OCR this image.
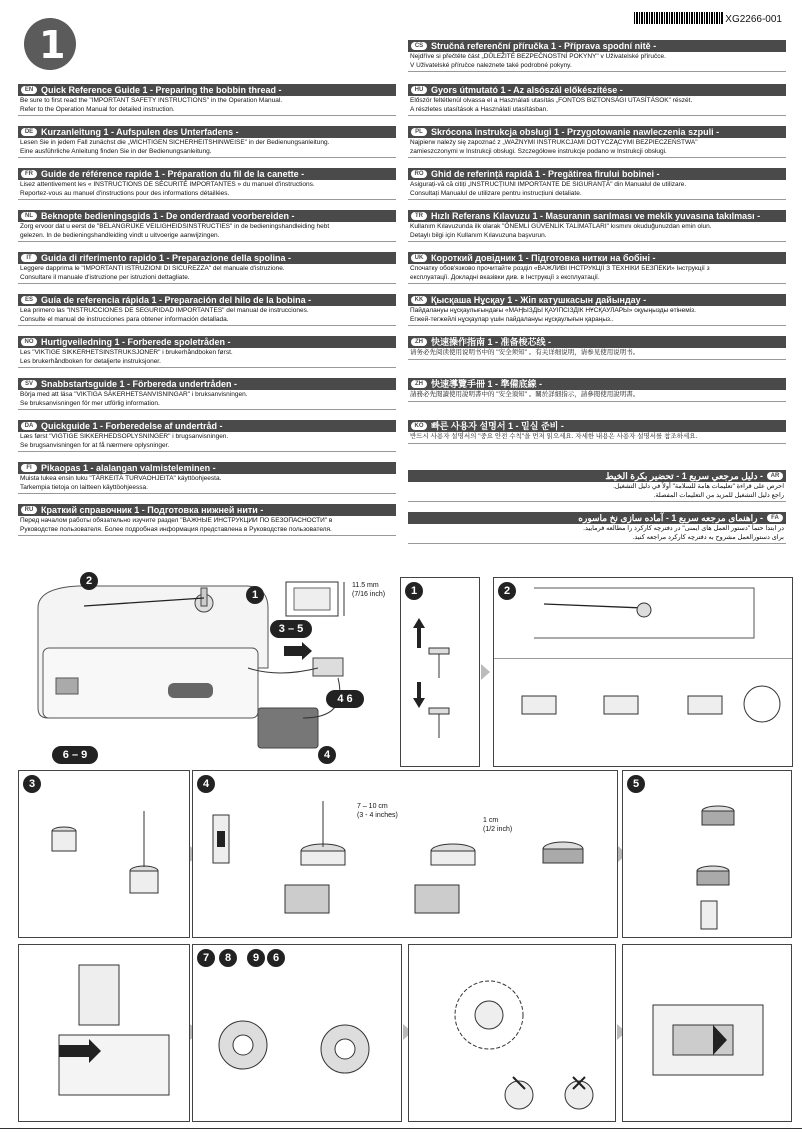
XG2266-001
1
EN Quick Reference Guide 1 - Preparing the bobbin thread -
Be sure to first read the "IMPORTANT SAFETY INSTRUCTIONS" in the Operation Manual.
Refer to the Operation Manual for detailed instruction.
DE Kurzanleitung 1 - Aufspulen des Unterfadens -
Lesen Sie in jedem Fall zunächst die „WICHTIGEN SICHERHEITSHINWEISE" in der Bedienungsanleitung.
Eine ausführliche Anleitung finden Sie in der Bedienungsanleitung.
FR Guide de référence rapide 1 - Préparation du fil de la canette -
Lisez attentivement les « INSTRUCTIONS DE SÉCURITÉ IMPORTANTES » du manuel d'instructions.
Reportez-vous au manuel d'instructions pour des informations détaillées.
NL Beknopte bedieningsgids 1 - De onderdraad voorbereiden -
Zorg ervoor dat u eerst de "BELANGRIJKE VEILIGHEIDSINSTRUCTIES" in de bedieningshandleiding hebt
gelezen. In de bedieningshandleiding vindt u uitvoerige aanwijzingen.
IT	Guida di riferimento rapido 1 - Preparazione della spolina -
Leggere dapprima le "IMPORTANTI ISTRUZIONI DI SICUREZZA" del manuale d'istruzione.
Consultare il manuale d'istruzione per istruzioni dettagliate.
ES Guía de referencia rápida 1 - Preparación del hilo de la bobina -
Lea primero las "INSTRUCCIONES DE SEGURIDAD IMPORTANTES" del manual de instrucciones.
Consulte el manual de instrucciones para obtener información detallada.
NO Hurtigveiledning 1 - Forberede spoletråden -
Les "VIKTIGE SIKKERHETSINSTRUKSJONER" i brukerhåndboken først.
Les brukerhåndboken for detaljerte instruksjoner.
SV Snabbstartsguide 1 - Förbereda undertråden -
Börja med att läsa "VIKTIGA SÄKERHETSANVISNINGAR" i bruksanvisningen.
Se bruksanvisningen för mer utförlig information.
DA Quickguide 1 - Forberedelse af undertråd -
Læs først "VIGTIGE SIKKERHEDSOPLYSNINGER" i brugsanvisningen.
Se brugsanvisningen for at få nærmere oplysninger.
FI	Pikaopas 1 - alalangan valmisteleminen -
Muista lukea ensin luku "TÄRKEITÄ TURVAOHJEITA" käyttöohjeesta.
Tarkempia tietoja on laitteen käyttöohjeessa.
RU Краткий справочник 1 - Подготовка нижней нити -
Перед началом работы обязательно изучите раздел "ВАЖНЫЕ ИНСТРУКЦИИ ПО БЕЗОПАСНОСТИ" в
Руководстве пользователя. Более подробная информация представлена в Руководстве пользователя.
CS Stručná referenční příručka 1 - Příprava spodní nitě -
Nejdříve si přečtěte část „DŮLEŽITÉ BEZPEČNOSTNÍ POKYNY" v Uživatelské příručce.
V Uživatelské příručce naleznete také podrobné pokyny.
HU Gyors útmutató 1 - Az alsószál előkészítése -
Először feltétlenül olvassa el a Használati utasítás „FONTOS BIZTONSÁGI UTASÍTÁSOK" részét.
A részletes utasítások a Használati utasításban.
PL Skrócona instrukcja obsługi 1 - Przygotowanie nawleczenia szpuli -
Najpierw należy się zapoznać z „WAŻNYMI INSTRUKCJAMI DOTYCZĄCYMI BEZPIECZEŃSTWA"
zamieszczonymi w Instrukcji obsługi. Szczegółowe instrukcje podano w Instrukcji obsługi.
RO Ghid de referință rapidă 1 - Pregătirea firului bobinei -
Asigurați-vă că citiți „INSTRUCȚIUNI IMPORTANTE DE SIGURANȚĂ" din Manualul de utilizare.
Consultați Manualul de utilizare pentru instrucțiuni detaliate.
TR Hızlı Referans Kılavuzu 1 - Masuranın sarılması ve mekik yuvasına takılması -
Kullanım Kılavuzunda ilk olarak "ÖNEMLİ GÜVENLİK TALİMATLARI" kısmını okuduğunuzdan emin olun.
Detaylı bilgi için Kullanım Kılavuzuna başvurun.
UK Короткий довідник 1 - Підготовка нитки на бобіні -
Спочатку обов'язково прочитайте розділ «ВАЖЛИВІ ІНСТРУКЦІЇ З ТЕХНІКИ БЕЗПЕКИ» Інструкції з
експлуатації. Докладні вказівки див. в Інструкції з експлуатації.
KK Қысқаша Нұсқау 1 - Жіп катушкасын дайындау -
Пайдалануы нұсқаулығындағы «МАҢЫЗДЫ ҚАУІПСІЗДІК НҰСҚАУЛАРЫ» оқуыңызды өтінеміз.
Егжей-тегжейлі нұсқаулар үшін пайдалануы нұсқаулығын қараңыз..
ZH 快速操作指南 1 - 准备梭芯线 -
请务必先阅读使用说明书中的 "安全须知" 。有关详细说明，请参见使用说明书。
ZH 快速導覽手冊 1 - 準備底線 -
請務必先閱讀使用說明書中的 "安全須知" 。關於詳細指示，請參閱使用說明書。
KO 빠른 사용자 설명서 1 - 밑실 준비 -
반드시 사용자 설명서의 "중요 안전 수칙"을 먼저 읽으세요. 자세한 내용은 사용자 설명서를 참조하세요.
AR
دليل مرجعي سريع 1 - تحضير بكرة الخيط -
احرص على قراءة "تعليمات هامة للسلامة" أولاً في دليل التشغيل.
راجع دليل التشغيل للمزيد من التعليمات المفصلة.
FA
راهنمای مرجعه سریع 1 - آماده سازی نخ ماسوره -
در ابتدا حتماً "دستور العمل های ایمنی" در دفترچه کارکرد را مطالعه فرمایید.
برای دستورالعمل مشروح به دفترچه کارکرد مراجعه کنید.
2
1
3 – 5
4 6
4
6 – 9
11.5 mm
(7/16 inch)	1	2
3	4
7 – 10 cm
(3 - 4 inches)
1 cm
(1/2 inch)
5
7	8	9	6
